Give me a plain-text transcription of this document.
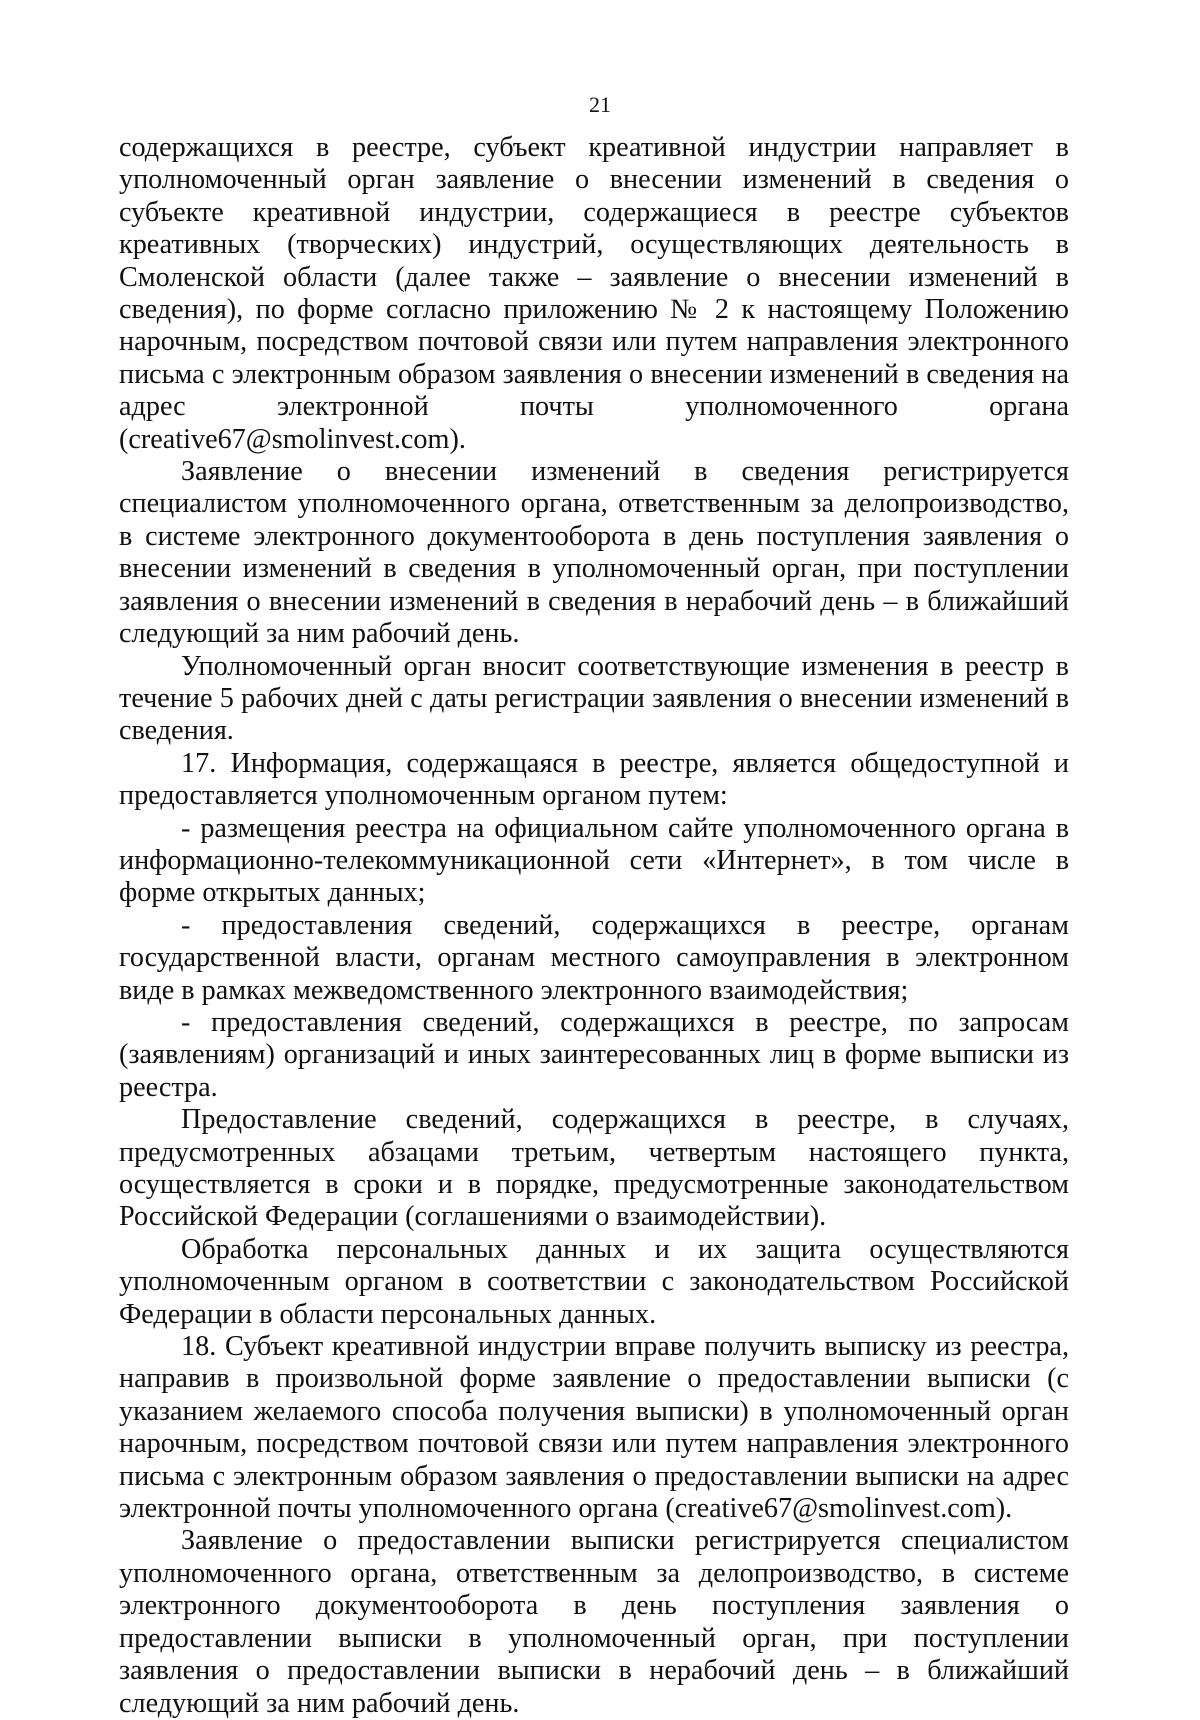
21

содержащихся в реестре, субъект креативной индустрии направляет в уполномоченный орган заявление о внесении изменений в сведения о субъекте креативной индустрии, содержащиеся в реестре субъектов креативных (творческих) индустрий, осуществляющих деятельность в Смоленской области (далее также – заявление о внесении изменений в сведения), по форме согласно приложению № 2 к настоящему Положению нарочным, посредством почтовой связи или путем направления электронного письма с электронным образом заявления о внесении изменений в сведения на адрес электронной почты уполномоченного органа (creative67@smolinvest.com).

Заявление о внесении изменений в сведения регистрируется специалистом уполномоченного органа, ответственным за делопроизводство, в системе электронного документооборота в день поступления заявления о внесении изменений в сведения в уполномоченный орган, при поступлении заявления о внесении изменений в сведения в нерабочий день – в ближайший следующий за ним рабочий день.

Уполномоченный орган вносит соответствующие изменения в реестр в течение 5 рабочих дней с даты регистрации заявления о внесении изменений в сведения.

17. Информация, содержащаяся в реестре, является общедоступной и предоставляется уполномоченным органом путем:

- размещения реестра на официальном сайте уполномоченного органа в информационно-телекоммуникационной сети «Интернет», в том числе в форме открытых данных;

- предоставления сведений, содержащихся в реестре, органам государственной власти, органам местного самоуправления в электронном виде в рамках межведомственного электронного взаимодействия;

- предоставления сведений, содержащихся в реестре, по запросам (заявлениям) организаций и иных заинтересованных лиц в форме выписки из реестра.

Предоставление сведений, содержащихся в реестре, в случаях, предусмотренных абзацами третьим, четвертым настоящего пункта, осуществляется в сроки и в порядке, предусмотренные законодательством Российской Федерации (соглашениями о взаимодействии).

Обработка персональных данных и их защита осуществляются уполномоченным органом в соответствии с законодательством Российской Федерации в области персональных данных.

18. Субъект креативной индустрии вправе получить выписку из реестра, направив в произвольной форме заявление о предоставлении выписки (с указанием желаемого способа получения выписки) в уполномоченный орган нарочным, посредством почтовой связи или путем направления электронного письма с электронным образом заявления о предоставлении выписки на адрес электронной почты уполномоченного органа (creative67@smolinvest.com).

Заявление о предоставлении выписки регистрируется специалистом уполномоченного органа, ответственным за делопроизводство, в системе электронного документооборота в день поступления заявления о предоставлении выписки в уполномоченный орган, при поступлении заявления о предоставлении выписки в нерабочий день – в ближайший следующий за ним рабочий день.
